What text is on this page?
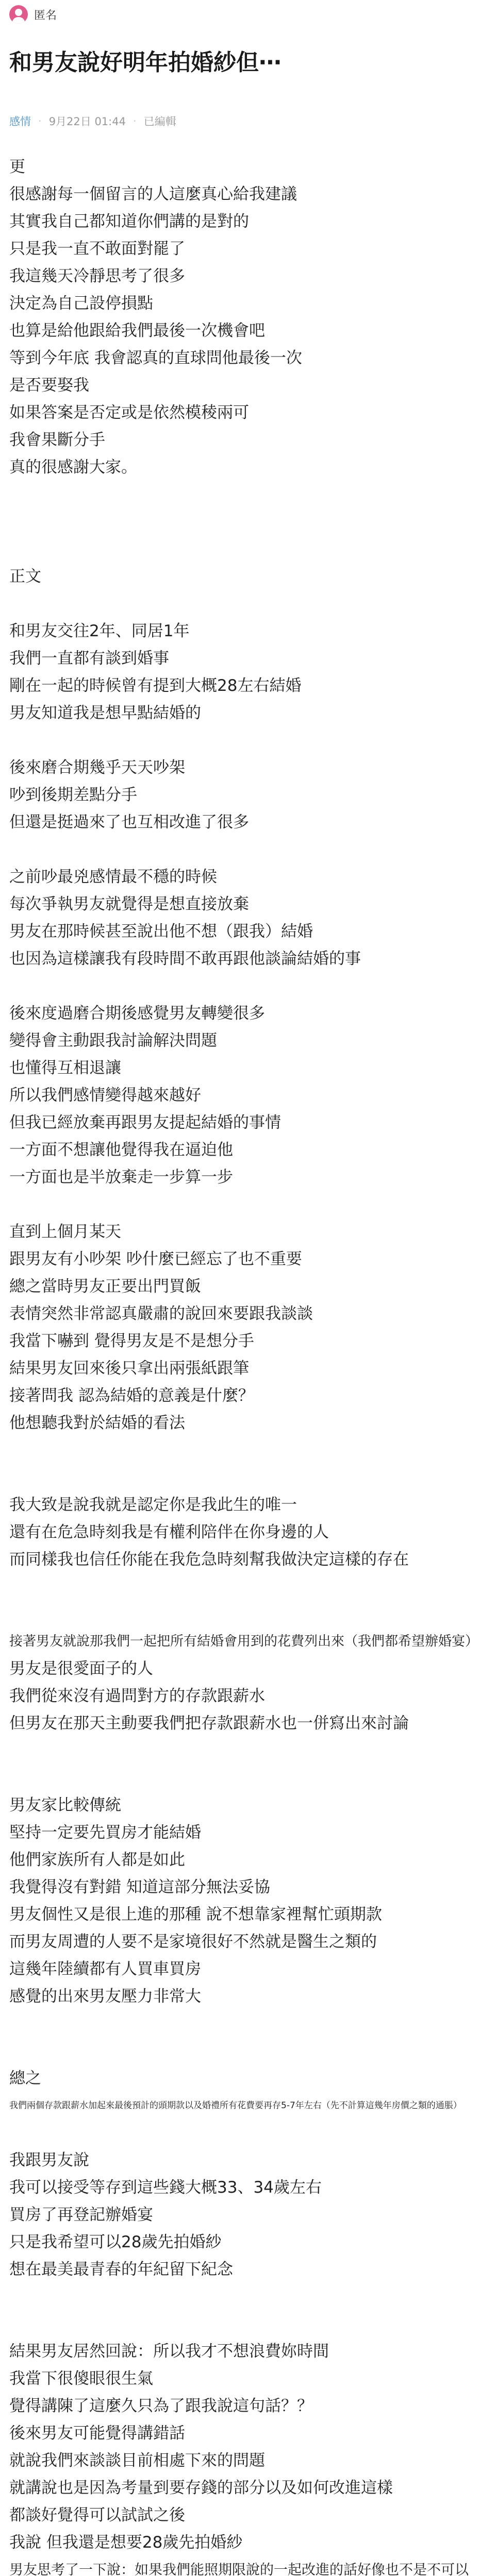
匿名
和男友說好明年拍婚紗但⋯
感情 · 9月22日 01:44 · 已編輯
更
很感謝每一個留言的人這麼真心給我建議
其實我自己都知道你們講的是對的
只是我一直不敢面對罷了
我這幾天冷靜思考了很多
決定為自己設停損點
也算是給他跟給我們最後一次機會吧
等到今年底 我會認真的直球問他最後一次
是否要娶我
如果答案是否定或是依然模稜兩可
我會果斷分手
真的很感謝大家。
正文
和男友交往2年、同居1年
我們一直都有談到婚事
剛在一起的時候曾有提到大概28左右結婚
男友知道我是想早點結婚的
後來磨合期幾乎天天吵架
吵到後期差點分手
但還是挺過來了也互相改進了很多
之前吵最兇感情最不穩的時候
每次爭執男友就覺得是想直接放棄
男友在那時候甚至說出他不想（跟我）結婚
也因為這樣讓我有段時間不敢再跟他談論結婚的事
後來度過磨合期後感覺男友轉變很多
變得會主動跟我討論解決問題
也懂得互相退讓
所以我們感情變得越來越好
但我已經放棄再跟男友提起結婚的事情
一方面不想讓他覺得我在逼迫他
一方面也是半放棄走一步算一步
直到上個月某天
跟男友有小吵架 吵什麼已經忘了也不重要
總之當時男友正要出門買飯
表情突然非常認真嚴肅的說回來要跟我談談
我當下嚇到 覺得男友是不是想分手
結果男友回來後只拿出兩張紙跟筆
接著問我 認為結婚的意義是什麼？
他想聽我對於結婚的看法
我大致是說我就是認定你是我此生的唯一
還有在危急時刻我是有權利陪伴在你身邊的人
而同樣我也信任你能在我危急時刻幫我做決定這樣的存在
接著男友就說那我們一起把所有結婚會用到的花費列出來（我們都希望辦婚宴）
男友是很愛面子的人
我們從來沒有過問對方的存款跟薪水
但男友在那天主動要我們把存款跟薪水也一併寫出來討論
男友家比較傳統
堅持一定要先買房才能結婚
他們家族所有人都是如此
我覺得沒有對錯 知道這部分無法妥協
男友個性又是很上進的那種 說不想靠家裡幫忙頭期款
而男友周遭的人要不是家境很好不然就是醫生之類的
這幾年陸續都有人買車買房
感覺的出來男友壓力非常大
總之
我們兩個存款跟薪水加起來最後預計的頭期款以及婚禮所有花費要再存5-7年左右（先不計算這幾年房價之類的通脹）
我跟男友說
我可以接受等存到這些錢大概33、34歲左右
買房了再登記辦婚宴
只是我希望可以28歲先拍婚紗
想在最美最青春的年紀留下紀念
結果男友居然回說：所以我才不想浪費妳時間
我當下很傻眼很生氣
覺得講陳了這麼久只為了跟我說這句話？？
後來男友可能覺得講錯話
就說我們來談談目前相處下來的問題
就講說也是因為考量到要存錢的部分以及如何改進這樣
都談好覺得可以試試之後
我說 但我還是想要28歲先拍婚紗
男友思考了一下說：如果我們能照期限說的一起改進的話好像也不是不可以
